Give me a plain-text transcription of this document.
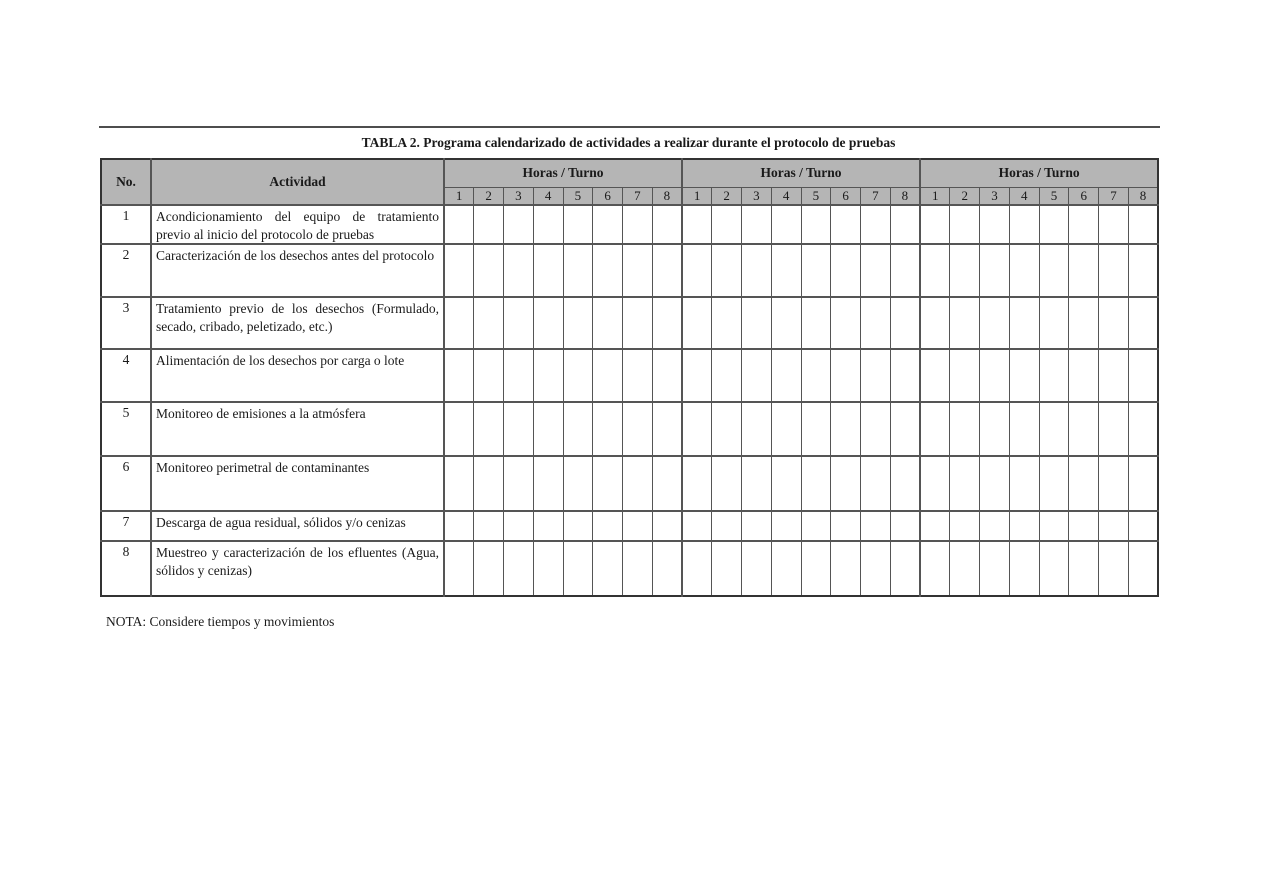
TABLA 2. Programa calendarizado de actividades a realizar durante el protocolo de pruebas
No.	Actividad	Horas / Turno								Horas / Turno								Horas / Turno							
		1	2	3	4	5	6	7	8	1	2	3	4	5	6	7	8	1	2	3	4	5	6	7	8
1	Acondicionamiento del equipo de tratamiento previo al inicio del protocolo de pruebas																								
2	Caracterización de los desechos antes del protocolo																								
3	Tratamiento previo de los desechos (Formulado, secado, cribado, peletizado, etc.)																								
4	Alimentación de los desechos por carga o lote																								
5	Monitoreo de emisiones a la atmósfera																								
6	Monitoreo perimetral de contaminantes																								
7	Descarga de agua residual, sólidos y/o cenizas																								
8	Muestreo y caracterización de los efluentes (Agua, sólidos y cenizas)																								
NOTA: Considere tiempos y movimientos
